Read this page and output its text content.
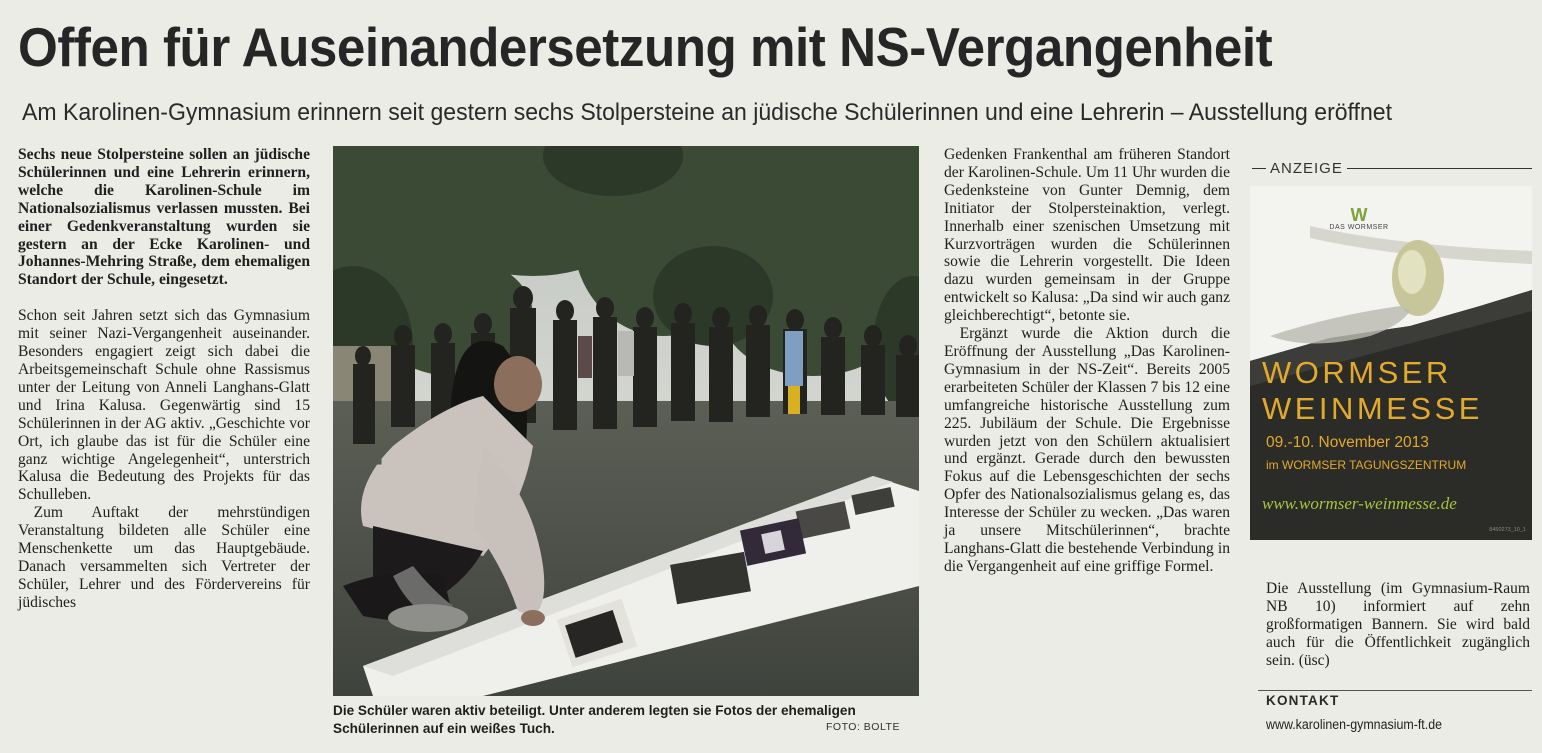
Offen für Auseinandersetzung mit NS-Vergangenheit
Am Karolinen-Gymnasium erinnern seit gestern sechs Stolpersteine an jüdische Schülerinnen und eine Lehrerin – Ausstellung eröffnet

Sechs neue Stolpersteine sollen an jüdische Schülerinnen und eine Lehrerin erinnern, welche die Karolinen-Schule im Nationalsozialismus verlassen mussten. Bei einer Gedenkveranstaltung wurden sie gestern an der Ecke Karolinen- und Johannes-Mehring Straße, dem ehemaligen Standort der Schule, eingesetzt.

Schon seit Jahren setzt sich das Gymnasium mit seiner Nazi-Vergangenheit auseinander. Besonders engagiert zeigt sich dabei die Arbeitsgemeinschaft Schule ohne Rassismus unter der Leitung von Anneli Langhans-Glatt und Irina Kalusa. Gegenwärtig sind 15 Schülerinnen in der AG aktiv. „Geschichte vor Ort, ich glaube das ist für die Schüler eine ganz wichtige Angelegenheit“, unterstrich Kalusa die Bedeutung des Projekts für das Schulleben.

Zum Auftakt der mehrstündigen Veranstaltung bildeten alle Schüler eine Menschenkette um das Hauptgebäude. Danach versammelten sich Vertreter der Schüler, Lehrer und des Fördervereins für jüdisches

Die Schüler waren aktiv beteiligt. Unter anderem legten sie Fotos der ehemaligen Schülerinnen auf ein weißes Tuch.	FOTO: BOLTE

Gedenken Frankenthal am früheren Standort der Karolinen-Schule. Um 11 Uhr wurden die Gedenksteine von Gunter Demnig, dem Initiator der Stolpersteinaktion, verlegt. Innerhalb einer szenischen Umsetzung mit Kurzvorträgen wurden die Schülerinnen sowie die Lehrerin vorgestellt. Die Ideen dazu wurden gemeinsam in der Gruppe entwickelt so Kalusa: „Da sind wir auch ganz gleichberechtigt“, betonte sie.

Ergänzt wurde die Aktion durch die Eröffnung der Ausstellung „Das Karolinen-Gymnasium in der NS-Zeit“. Bereits 2005 erarbeiteten Schüler der Klassen 7 bis 12 eine umfangreiche historische Ausstellung zum 225. Jubiläum der Schule. Die Ergebnisse wurden jetzt von den Schülern aktualisiert und ergänzt. Gerade durch den bewussten Fokus auf die Lebensgeschichten der sechs Opfer des Nationalsozialismus gelang es, das Interesse der Schüler zu wecken. „Das waren ja unsere Mitschülerinnen“, brachte Langhans-Glatt die bestehende Verbindung in die Vergangenheit auf eine griffige Formel.

ANZEIGE
W
DAS WORMSER
WORMSER
WEINMESSE
09.-10. November 2013
im WORMSER TAGUNGSZENTRUM
www.wormser-weinmesse.de
8450273_10_1
Die Ausstellung (im Gymnasium-Raum NB 10) informiert auf zehn großformatigen Bannern. Sie wird bald auch für die Öffentlichkeit zugänglich sein. (üsc)
KONTAKT
www.karolinen-gymnasium-ft.de
